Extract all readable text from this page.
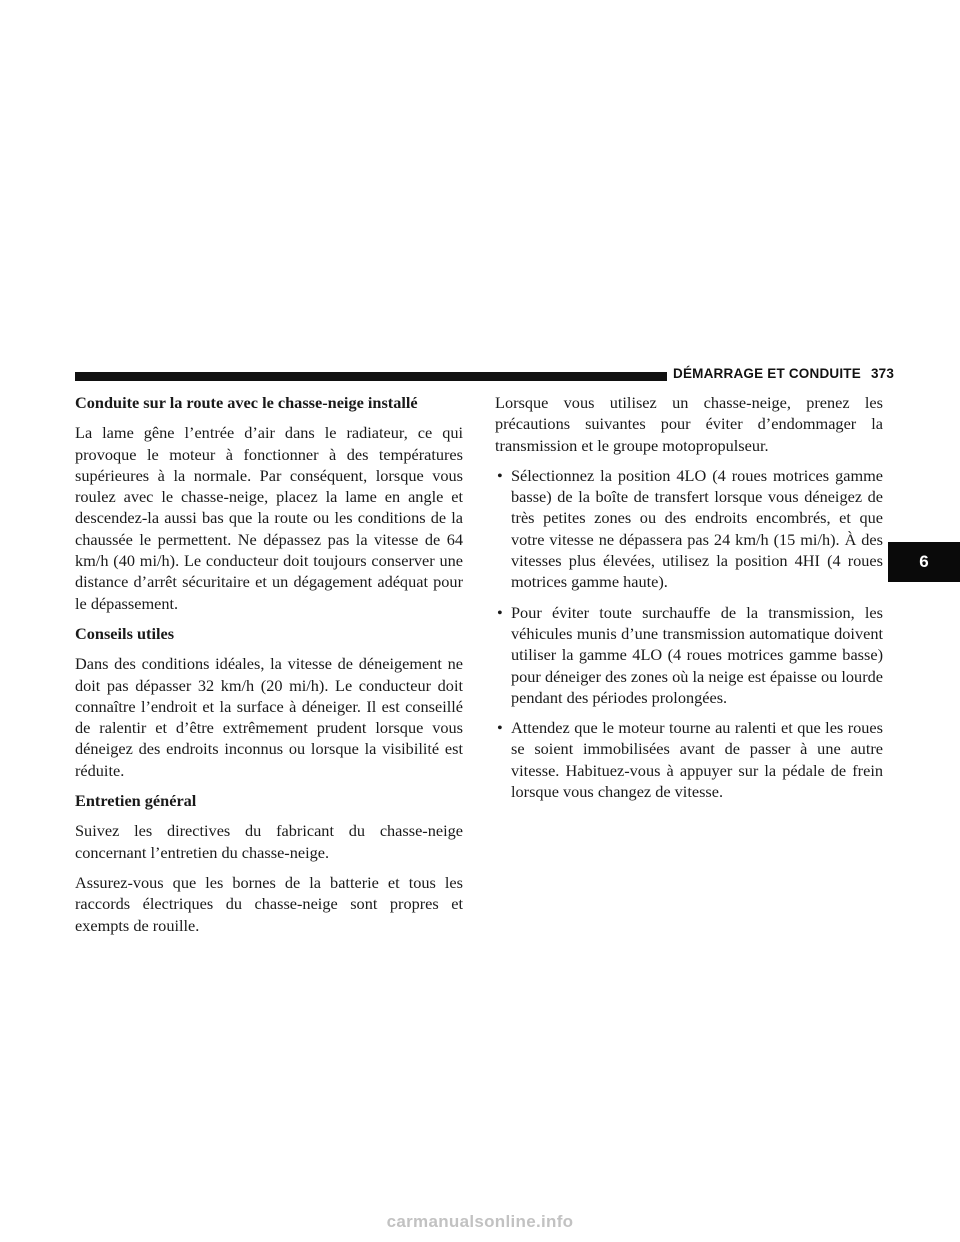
DÉMARRAGE ET CONDUITE 373
Conduite sur la route avec le chasse-neige installé

La lame gêne l’entrée d’air dans le radiateur, ce qui provoque le moteur à fonctionner à des températures supérieures à la normale. Par conséquent, lorsque vous roulez avec le chasse-neige, placez la lame en angle et descendez-la aussi bas que la route ou les conditions de la chaussée le permettent. Ne dépassez pas la vitesse de 64 km/h (40 mi/h). Le conducteur doit toujours conserver une distance d’arrêt sécuritaire et un dégagement adéquat pour le dépassement.

Conseils utiles

Dans des conditions idéales, la vitesse de déneigement ne doit pas dépasser 32 km/h (20 mi/h). Le conducteur doit connaître l’endroit et la surface à déneiger. Il est conseillé de ralentir et d’être extrêmement prudent lorsque vous déneigez des endroits inconnus ou lorsque la visibilité est réduite.

Entretien général

Suivez les directives du fabricant du chasse-neige concernant l’entretien du chasse-neige.

Assurez-vous que les bornes de la batterie et tous les raccords électriques du chasse-neige sont propres et exempts de rouille.

Lorsque vous utilisez un chasse-neige, prenez les précautions suivantes pour éviter d’endommager la transmission et le groupe motopropulseur.

• Sélectionnez la position 4LO (4 roues motrices gamme basse) de la boîte de transfert lorsque vous déneigez de très petites zones ou des endroits encombrés, et que votre vitesse ne dépassera pas 24 km/h (15 mi/h). À des vitesses plus élevées, utilisez la position 4HI (4 roues motrices gamme haute).
• Pour éviter toute surchauffe de la transmission, les véhicules munis d’une transmission automatique doivent utiliser la gamme 4LO (4 roues motrices gamme basse) pour déneiger des zones où la neige est épaisse ou lourde pendant des périodes prolongées.
• Attendez que le moteur tourne au ralenti et que les roues se soient immobilisées avant de passer à une autre vitesse. Habituez-vous à appuyer sur la pédale de frein lorsque vous changez de vitesse.
6
carmanualsonline.info
